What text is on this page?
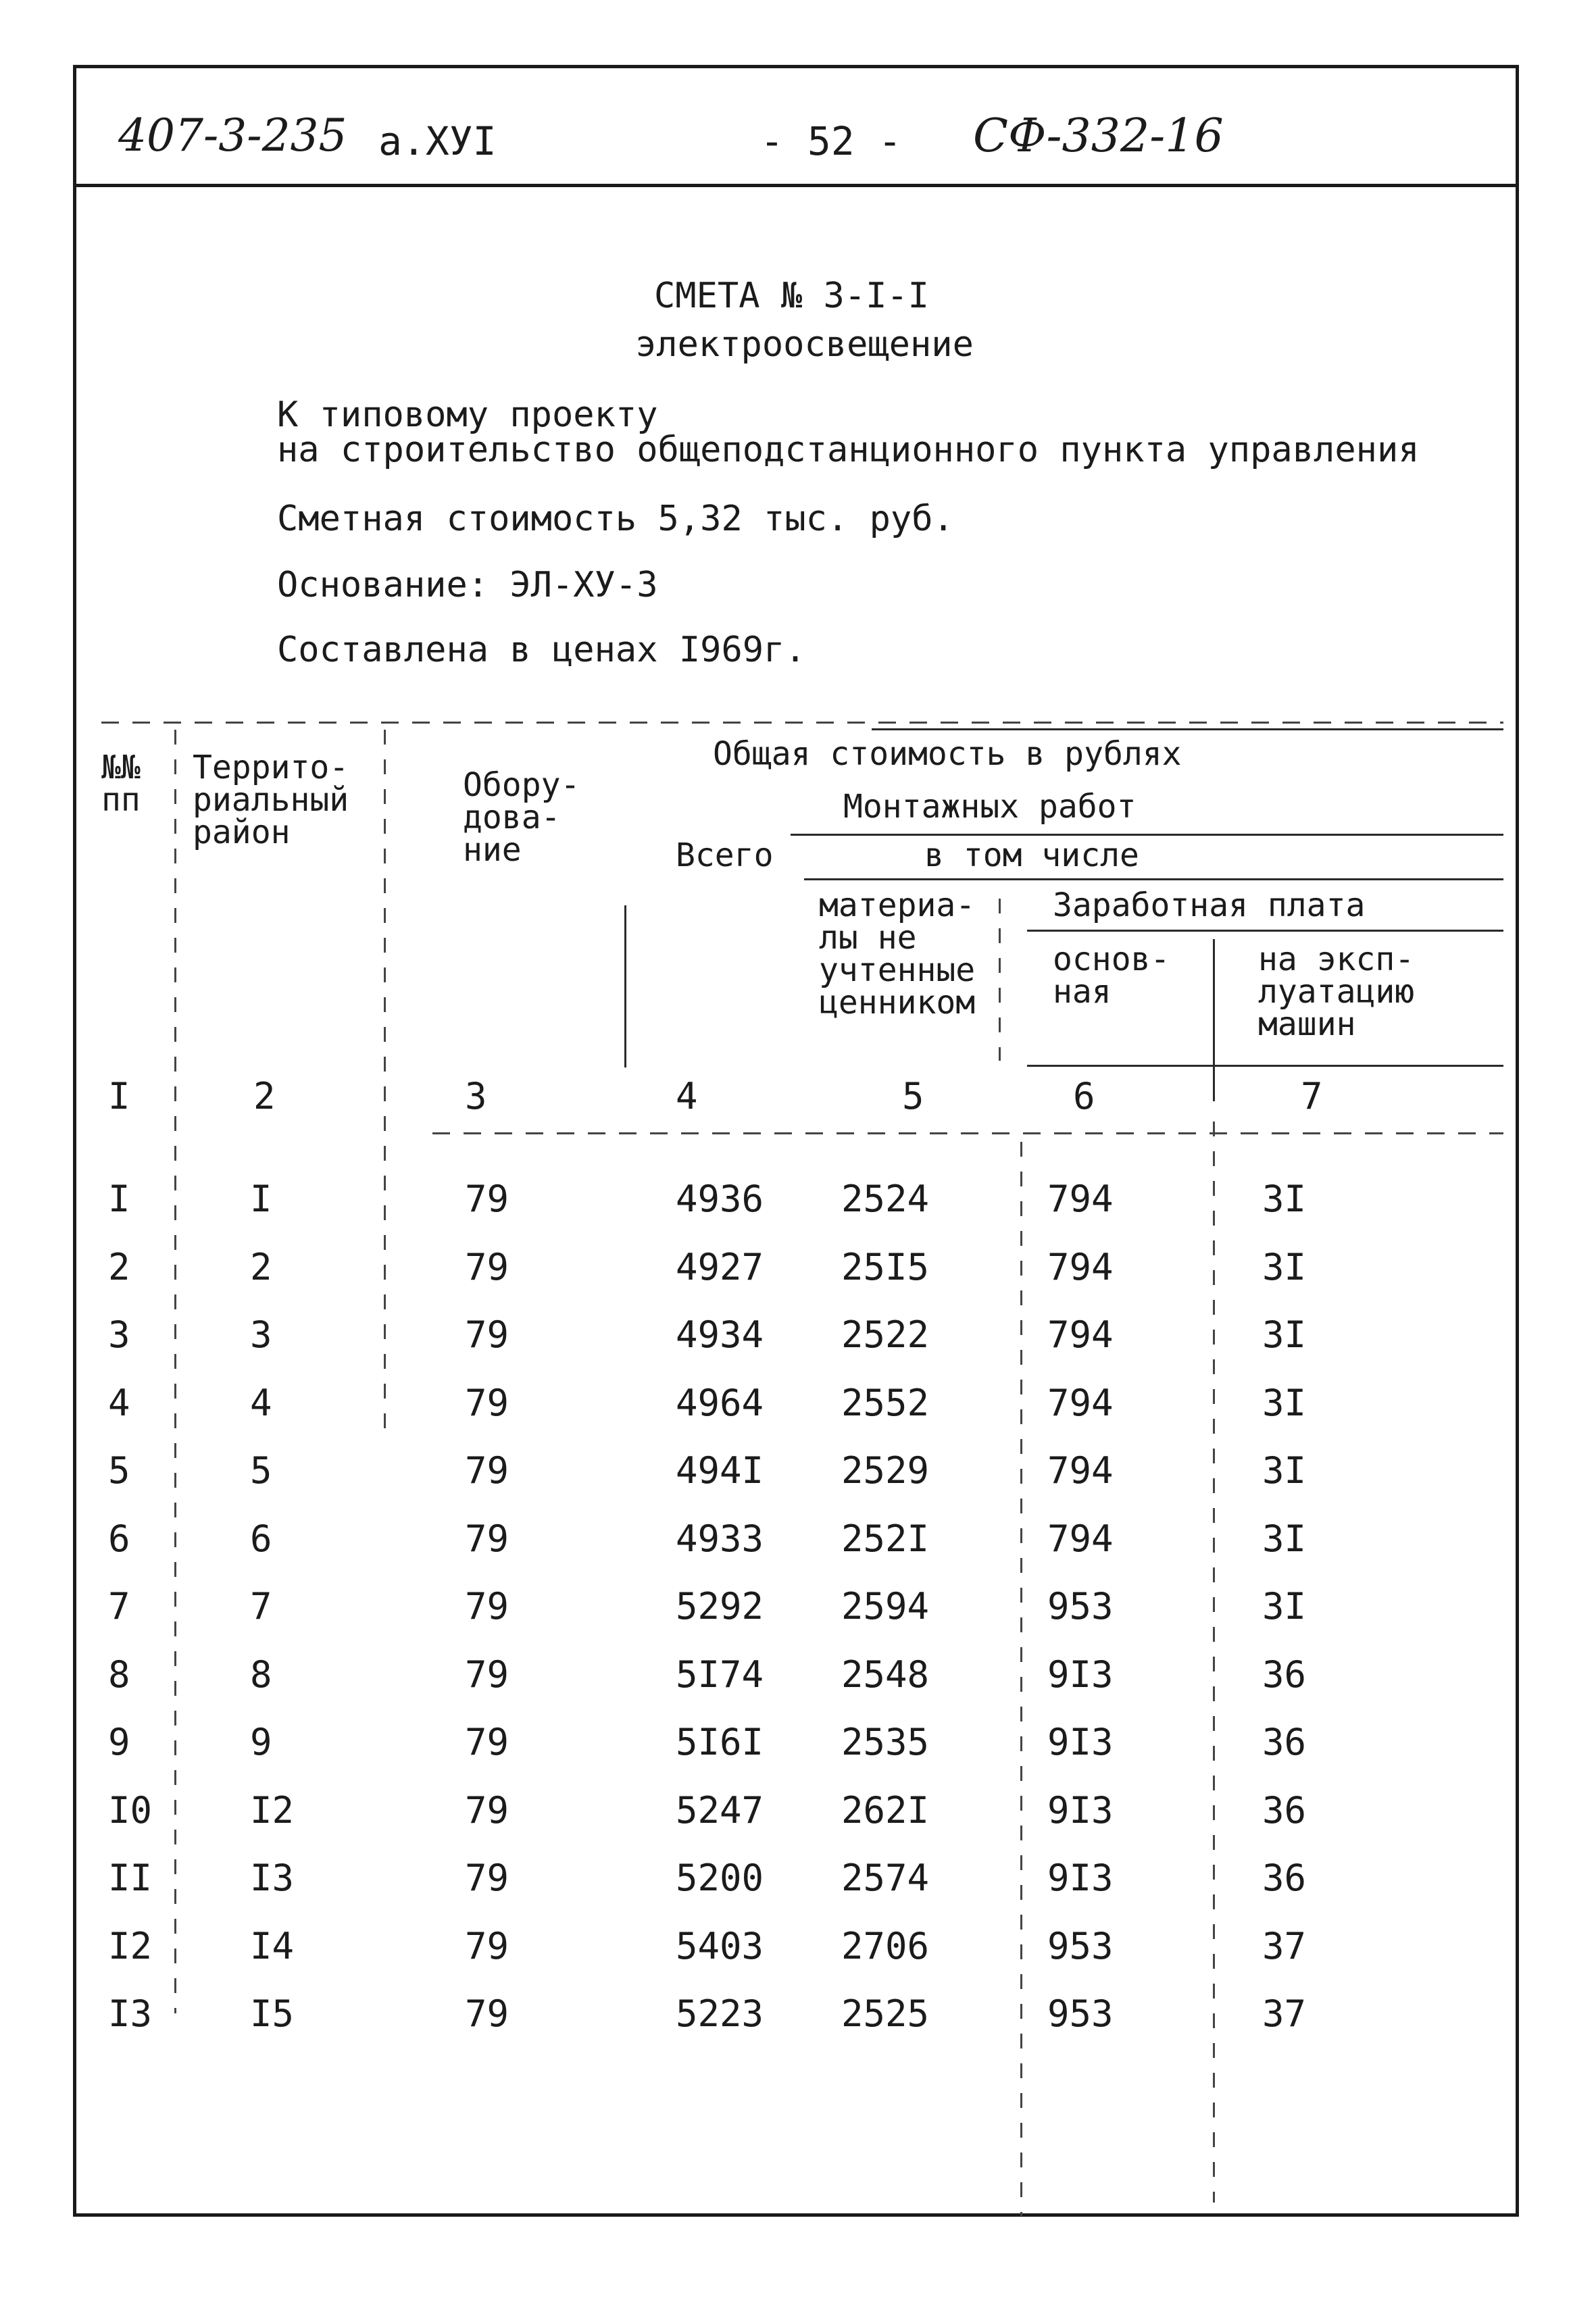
407-3-235 а.ХУI	- 52 - СФ-332-16
СМЕТА № 3-I-I
электроосвещение
К типовому проекту
на строительство общеподстанционного пункта управления
Сметная стоимость 5,32 тыс. руб.
Основание: ЭЛ-ХУ-3
Составлена в ценах I969г.
№№ пп
Террито- риальный район
Обору- дова- ние
Общая стоимость в рублях
Монтажных работ
Всего	в том числе
материа- лы не учтенные ценником
Заработная плата
основ- ная
на эксп- луатацию машин
I	2	3	4	5	6	7
I	I	79	4936 2524	794	3I
2	2	79	4927 25I5	794	3I
3	3	79	4934 2522	794	3I
4	4	79	4964 2552	794	3I
5	5	79	494I 2529	794	3I
6	6	79	4933 252I	794	3I
7	7	79	5292 2594	953	3I
8	8	79	5I74 2548	9I3	36
9	9	79	5I6I 2535	9I3	36
I0	I2	79	5247 262I	9I3	36
II	I3	79	5200 2574	9I3	36
I2	I4	79	5403 2706	953	37
I3	I5	79	5223 2525	953	37
